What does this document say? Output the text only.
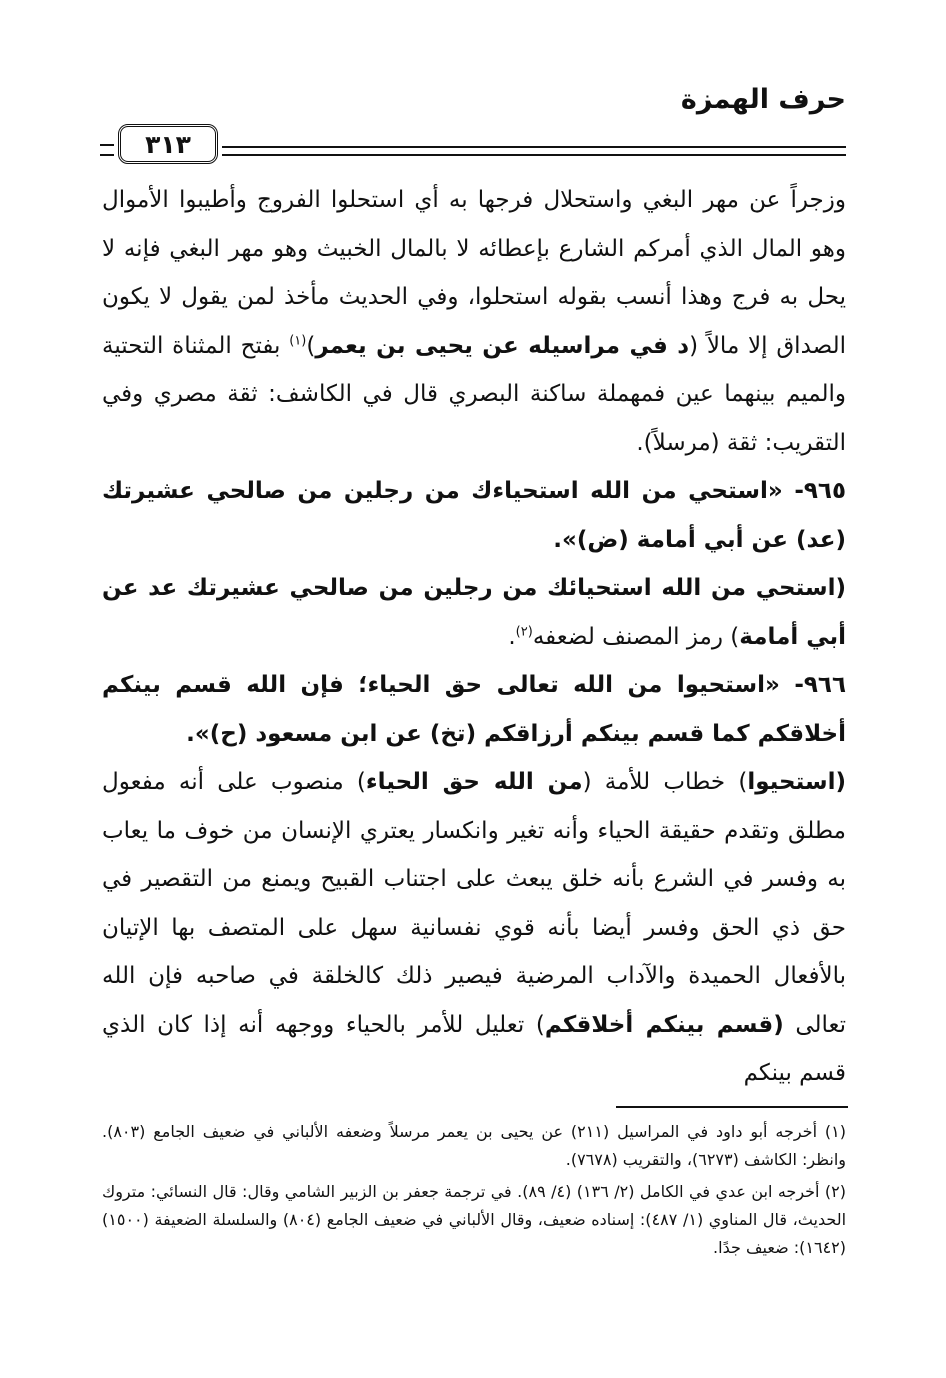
حرف الهمزة
٣١٣

وزجراً عن مهر البغي واستحلال فرجها به أي استحلوا الفروج وأطيبوا الأموال وهو المال الذي أمركم الشارع بإعطائه لا بالمال الخبيث وهو مهر البغي فإنه لا يحل به فرج وهذا أنسب بقوله استحلوا، وفي الحديث مأخذ لمن يقول لا يكون الصداق إلا مالاً (د في مراسيله عن يحيى بن يعمر)$^{(١)}$ بفتح المثناة التحتية والميم بينهما عين فمهملة ساكنة البصري قال في الكاشف: ثقة مصري وفي التقريب: ثقة (مرسلاً).

٩٦٥- «استحي من الله استحياءك من رجلين من صالحي عشيرتك (عد) عن أبي أمامة (ض)».

(استحي من الله استحيائك من رجلين من صالحي عشيرتك عد عن أبي أمامة) رمز المصنف لضعفه$^{(٢)}$.

٩٦٦- «استحيوا من الله تعالى حق الحياء؛ فإن الله قسم بينكم أخلاقكم كما قسم بينكم أرزاقكم (تخ) عن ابن مسعود (ح)».

(استحيوا) خطاب للأمة (من الله حق الحياء) منصوب على أنه مفعول مطلق وتقدم حقيقة الحياء وأنه تغير وانكسار يعتري الإنسان من خوف ما يعاب به وفسر في الشرع بأنه خلق يبعث على اجتناب القبيح ويمنع من التقصير في حق ذي الحق وفسر أيضا بأنه قوي نفسانية سهل على المتصف بها الإتيان بالأفعال الحميدة والآداب المرضية فيصير ذلك كالخلقة في صاحبه فإن الله تعالى (قسم بينكم أخلاقكم) تعليل للأمر بالحياء ووجهه أنه إذا كان الذي قسم بينكم

(١) أخرجه أبو داود في المراسيل (٢١١) عن يحيى بن يعمر مرسلاً وضعفه الألباني في ضعيف الجامع (٨٠٣). وانظر: الكاشف (٦٢٧٣)، والتقريب (٧٦٧٨).

(٢) أخرجه ابن عدي في الكامل (٢/ ١٣٦) (٤/ ٨٩). في ترجمة جعفر بن الزبير الشامي وقال: قال النسائي: متروك الحديث، قال المناوي (١/ ٤٨٧): إسناده ضعيف، وقال الألباني في ضعيف الجامع (٨٠٤) والسلسلة الضعيفة (١٥٠٠) (١٦٤٢): ضعيف جدًا.
